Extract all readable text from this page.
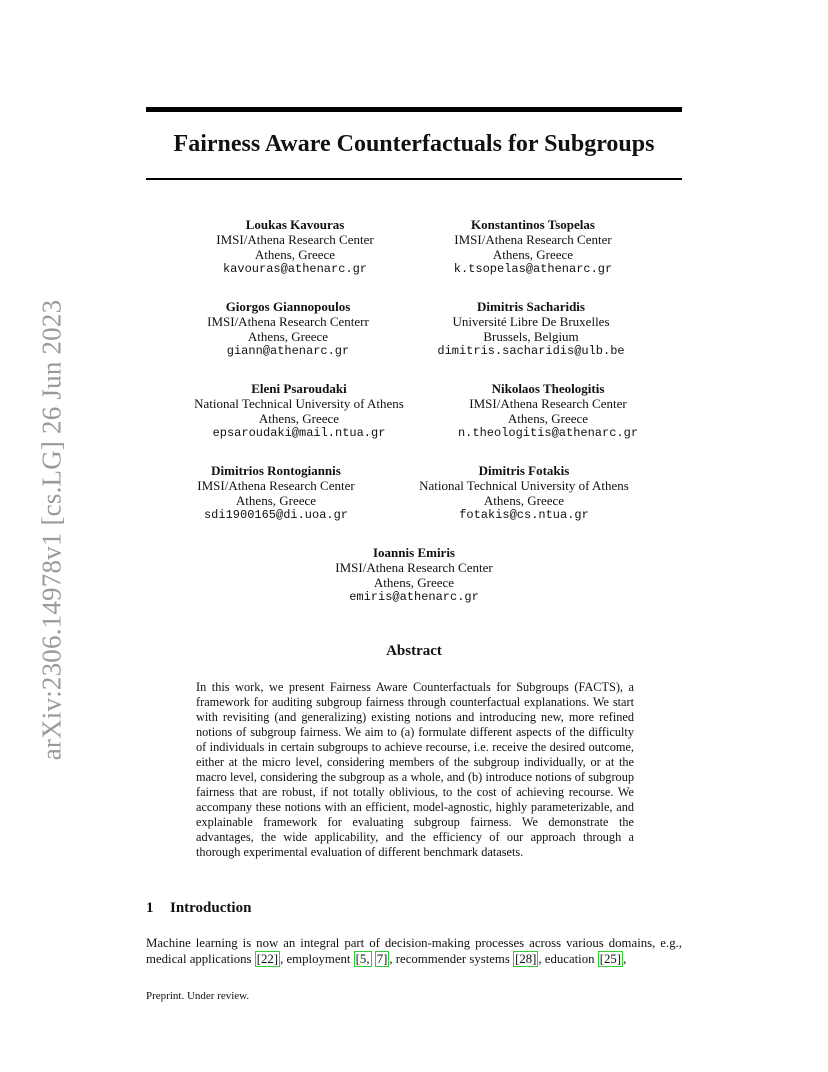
arXiv:2306.14978v1 [cs.LG] 26 Jun 2023
Fairness Aware Counterfactuals for Subgroups
Loukas Kavouras
IMSI/Athena Research Center
Athens, Greece
kavouras@athenarc.gr
Konstantinos Tsopelas
IMSI/Athena Research Center
Athens, Greece
k.tsopelas@athenarc.gr
Giorgos Giannopoulos
IMSI/Athena Research Centerr
Athens, Greece
giann@athenarc.gr
Dimitris Sacharidis
Université Libre De Bruxelles
Brussels, Belgium
dimitris.sacharidis@ulb.be
Eleni Psaroudaki
National Technical University of Athens
Athens, Greece
epsaroudaki@mail.ntua.gr
Nikolaos Theologitis
IMSI/Athena Research Center
Athens, Greece
n.theologitis@athenarc.gr
Dimitrios Rontogiannis
IMSI/Athena Research Center
Athens, Greece
sdi1900165@di.uoa.gr
Dimitris Fotakis
National Technical University of Athens
Athens, Greece
fotakis@cs.ntua.gr
Ioannis Emiris
IMSI/Athena Research Center
Athens, Greece
emiris@athenarc.gr
Abstract

In this work, we present Fairness Aware Counterfactuals for Subgroups (FACTS), a framework for auditing subgroup fairness through counterfactual explanations. We start with revisiting (and generalizing) existing notions and introducing new, more refined notions of subgroup fairness. We aim to (a) formulate different aspects of the difficulty of individuals in certain subgroups to achieve recourse, i.e. receive the desired outcome, either at the micro level, considering members of the subgroup individually, or at the macro level, considering the subgroup as a whole, and (b) introduce notions of subgroup fairness that are robust, if not totally oblivious, to the cost of achieving recourse. We accompany these notions with an efficient, model-agnostic, highly parameterizable, and explainable framework for evaluating subgroup fairness. We demonstrate the advantages, the wide applicability, and the efficiency of our approach through a thorough experimental evaluation of different benchmark datasets.

1 Introduction

Machine learning is now an integral part of decision-making processes across various domains, e.g., medical applications [22] , employment [5, 7] , recommender systems [28] , education [25] ,

Preprint. Under review.
